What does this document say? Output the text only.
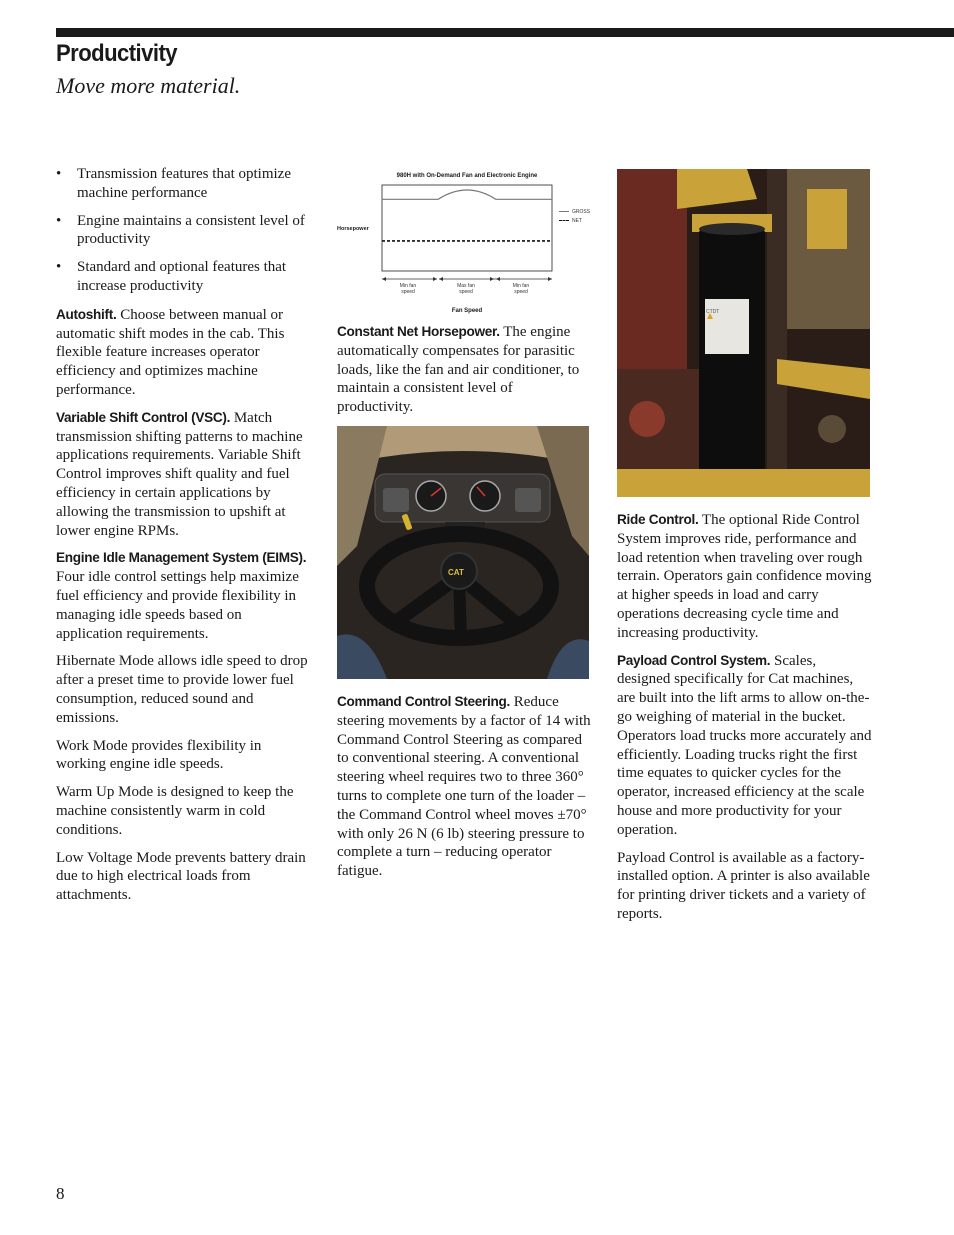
Productivity
Move more material.
• Transmission features that optimize machine performance
• Engine maintains a consistent level of productivity
• Standard and optional features that increase productivity

Autoshift. Choose between manual or automatic shift modes in the cab. This flexible feature increases operator efficiency and optimizes machine performance.

Variable Shift Control (VSC). Match transmission shifting patterns to machine applications requirements. Variable Shift Control improves shift quality and fuel efficiency in certain applications by allowing the transmission to upshift at lower engine RPMs.

Engine Idle Management System (EIMS). Four idle control settings help maximize fuel efficiency and provide flexibility in managing idle speeds based on application requirements.

Hibernate Mode allows idle speed to drop after a preset time to provide lower fuel consumption, reduced sound and emissions.

Work Mode provides flexibility in working engine idle speeds.

Warm Up Mode is designed to keep the machine consistently warm in cold conditions.

Low Voltage Mode prevents battery drain due to high electrical loads from attachments.

980H with On-Demand Fan and Electronic Engine
Horsepower
GROSS
NET
Min fan
speed
Max fan
speed
Min fan
speed
Fan Speed

Constant Net Horsepower. The engine automatically compensates for parasitic loads, like the fan and air conditioner, to maintain a consistent level of productivity.

CAT

Command Control Steering. Reduce steering movements by a factor of 14 with Command Control Steering as compared to conventional steering. A conventional steering wheel requires two to three 360° turns to complete one turn of the loader – the Command Control wheel moves ±70° with only 26 N (6 lb) steering pressure to complete a turn – reducing operator fatigue.

CTDT

Ride Control. The optional Ride Control System improves ride, performance and load retention when traveling over rough terrain. Operators gain confidence moving at higher speeds in load and carry operations decreasing cycle time and increasing productivity.

Payload Control System. Scales, designed specifically for Cat machines, are built into the lift arms to allow on-the-go weighing of material in the bucket. Operators load trucks more accurately and efficiently. Loading trucks right the first time equates to quicker cycles for the operator, increased efficiency at the scale house and more productivity for your operation.

Payload Control is available as a factory-installed option. A printer is also available for printing driver tickets and a variety of reports.

8
